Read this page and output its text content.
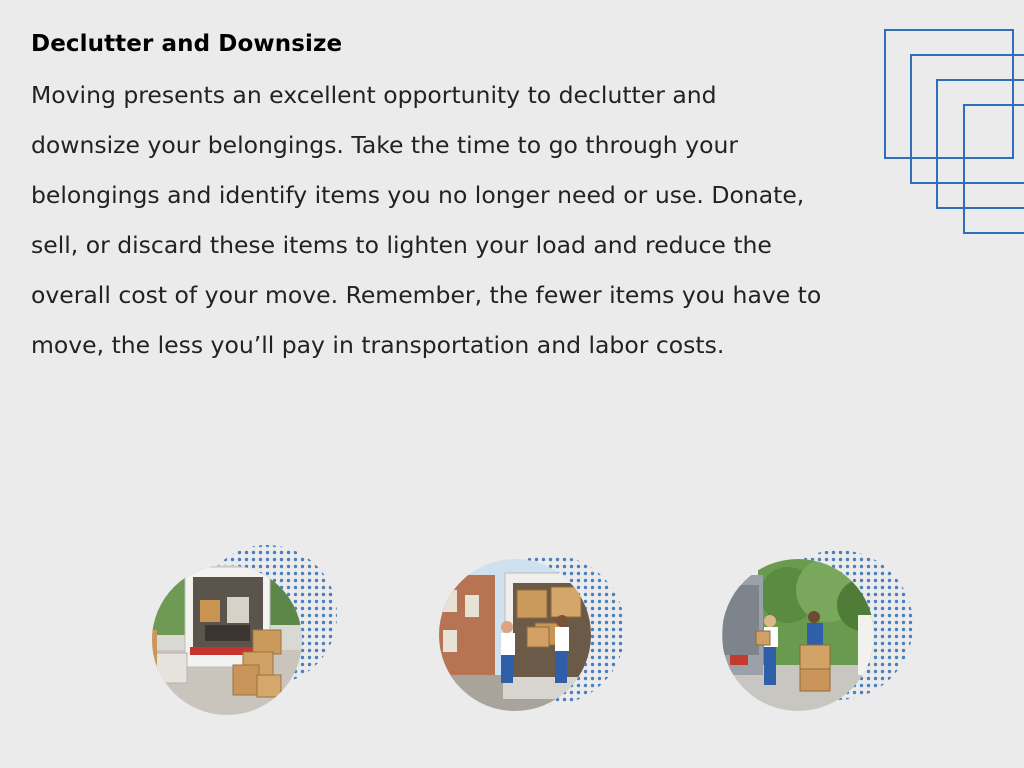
Declutter and Downsize

Moving presents an excellent opportunity to declutter and downsize your belongings. Take the time to go through your belongings and identify items you no longer need or use. Donate, sell, or discard these items to lighten your load and reduce the overall cost of your move. Remember, the fewer items you have to move, the less you’ll pay in transportation and labor costs.
